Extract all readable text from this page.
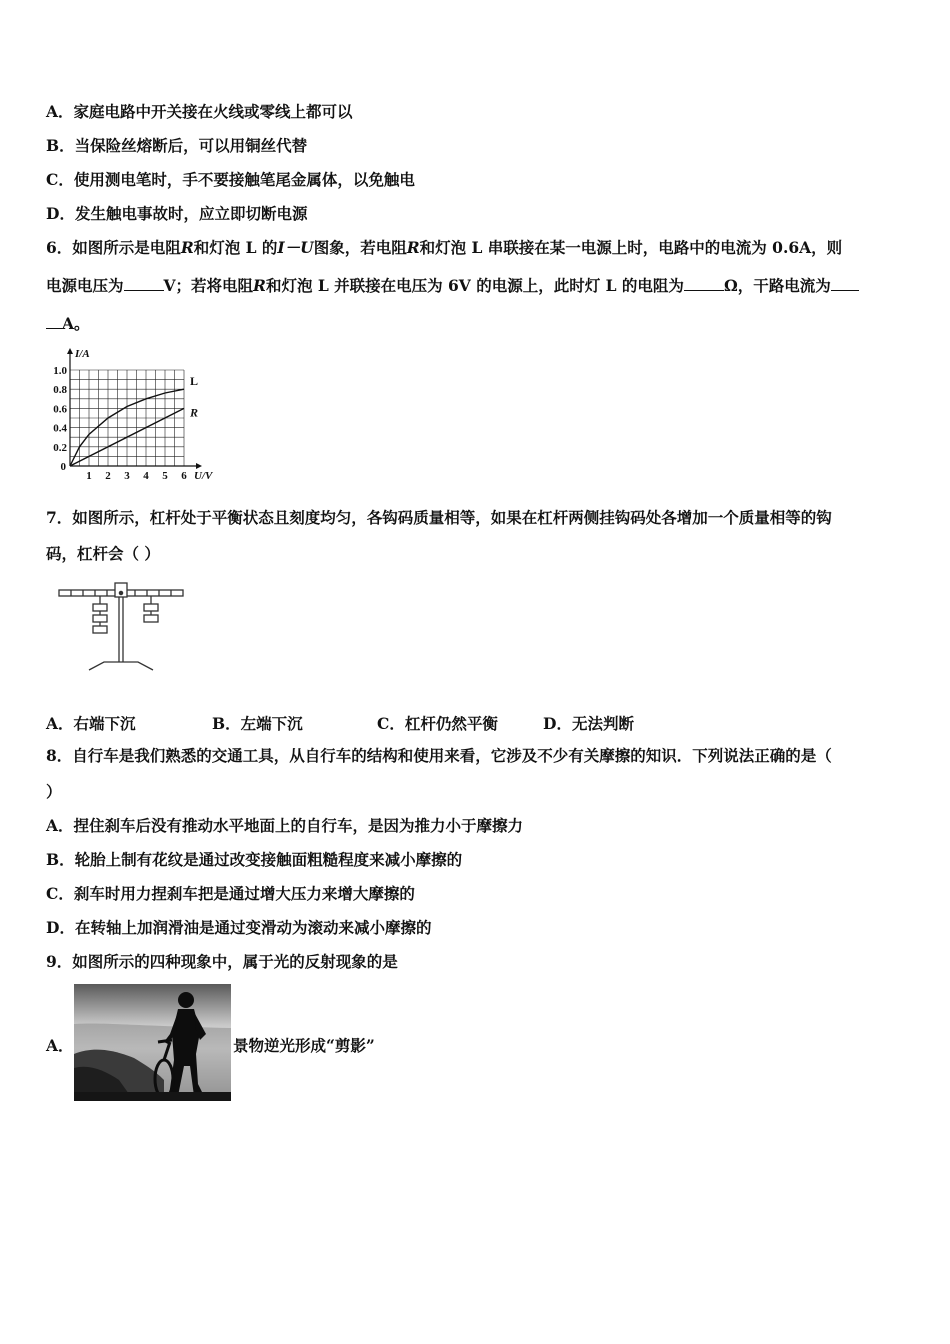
A．家庭电路中开关接在火线或零线上都可以
B．当保险丝熔断后，可以用铜丝代替
C．使用测电笔时，手不要接触笔尾金属体，以免触电
D．发生触电事故时，应立即切断电源
6．如图所示是电阻R和灯泡 L 的I－U图象，若电阻R和灯泡 L 串联接在某一电源上时，电路中的电流为 0.6A，则
电源电压为	V；若将电阻R和灯泡 L 并联接在电压为 6V 的电源上，此时灯 L 的电阻为	Ω，干路电流为
A。
1 2 3 4 5 6
0.2
0.4
0.6
0.8
1.0
0
U/V
I/A
L
R
7．如图所示，杠杆处于平衡状态且刻度均匀，各钩码质量相等，如果在杠杆两侧挂钩码处各增加一个质量相等的钩
码，杠杆会（ ）
A．右端下沉	B．左端下沉	C．杠杆仍然平衡	D．无法判断
8．自行车是我们熟悉的交通工具，从自行车的结构和使用来看，它涉及不少有关摩擦的知识．下列说法正确的是（
）
A．捏住刹车后没有推动水平地面上的自行车，是因为推力小于摩擦力
B．轮胎上制有花纹是通过改变接触面粗糙程度来减小摩擦的
C．刹车时用力捏刹车把是通过增大压力来增大摩擦的
D．在转轴上加润滑油是通过变滑动为滚动来减小摩擦的
9．如图所示的四种现象中，属于光的反射现象的是
A．	景物逆光形成“剪影”
